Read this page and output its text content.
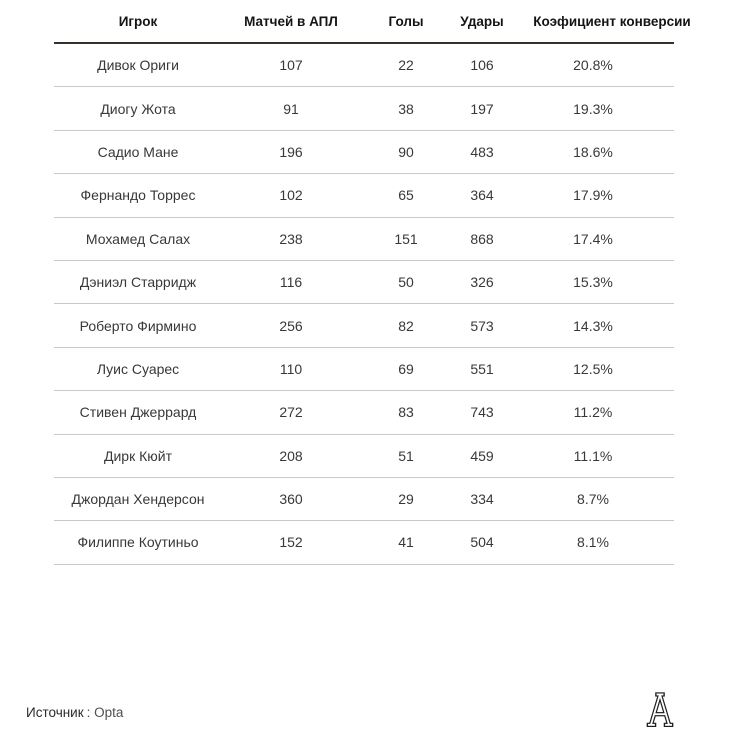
Игрок	Матчей в АПЛ	Голы	Удары	Коэфициент конверсии
Дивок Ориги	107	22	106	20.8%
Диогу Жота	91	38	197	19.3%
Садио Мане	196	90	483	18.6%
Фернандо Торрес	102	65	364	17.9%
Мохамед Салах	238	151	868	17.4%
Дэниэл Старридж	116	50	326	15.3%
Роберто Фирмино	256	82	573	14.3%
Луис Суарес	110	69	551	12.5%
Стивен Джеррард	272	83	743	11.2%
Дирк Кюйт	208	51	459	11.1%
Джордан Хендерсон	360	29	334	8.7%
Филиппе Коутиньо	152	41	504	8.1%
Источник : Opta
